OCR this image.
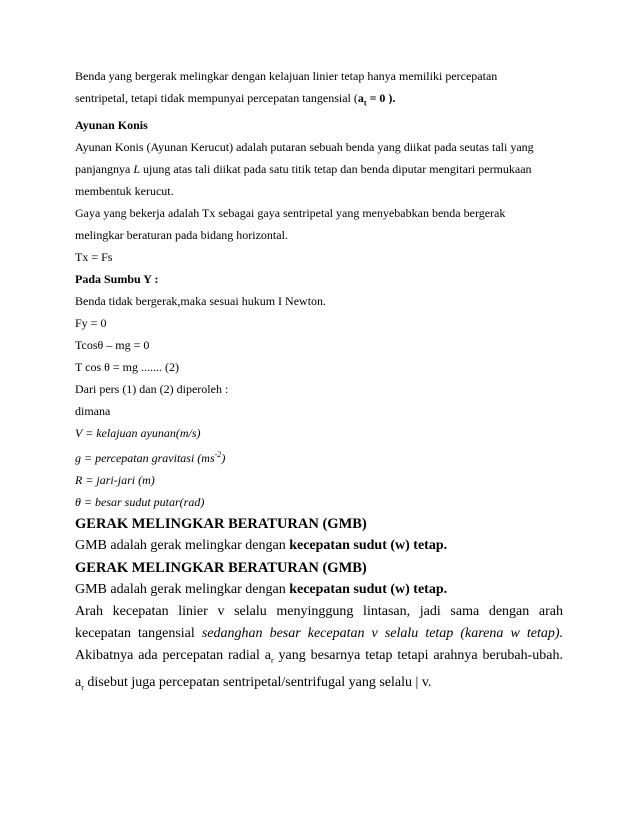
Benda yang bergerak melingkar dengan kelajuan linier tetap hanya memiliki percepatan

sentripetal, tetapi tidak mempunyai percepatan tangensial ($a_t = 0$ ).

Ayunan Konis

Ayunan Konis (Ayunan Kerucut) adalah putaran sebuah benda yang diikat pada seutas tali yang

panjangnya L ujung atas tali diikat pada satu titik tetap dan benda diputar mengitari permukaan

membentuk kerucut.

Gaya yang bekerja adalah Tx sebagai gaya sentripetal yang menyebabkan benda bergerak

melingkar beraturan pada bidang horizontal.

Tx = Fs

Pada Sumbu Y :

Benda tidak bergerak,maka sesuai hukum I Newton.

Fy = 0

Tcosθ – mg = 0

T cos θ = mg ....... (2)

Dari pers (1) dan (2) diperoleh :

dimana

V = kelajuan ayunan(m/s)

g = percepatan gravitasi $(ms^{-2})$

R = jari-jari (m)

θ = besar sudut putar(rad)

GERAK MELINGKAR BERATURAN (GMB)

GMB adalah gerak melingkar dengan kecepatan sudut (w) tetap.

GERAK MELINGKAR BERATURAN (GMB)

GMB adalah gerak melingkar dengan kecepatan sudut (w) tetap.

Arah kecepatan linier v selalu menyinggung lintasan, jadi sama dengan arah

kecepatan tangensial sedanghan besar kecepatan v selalu tetap (karena w tetap).

Akibatnya ada percepatan radial $a_r$ yang besarnya tetap tetapi arahnya berubah-ubah.

$a_r$ disebut juga percepatan sentripetal/sentrifugal yang selalu | v.
